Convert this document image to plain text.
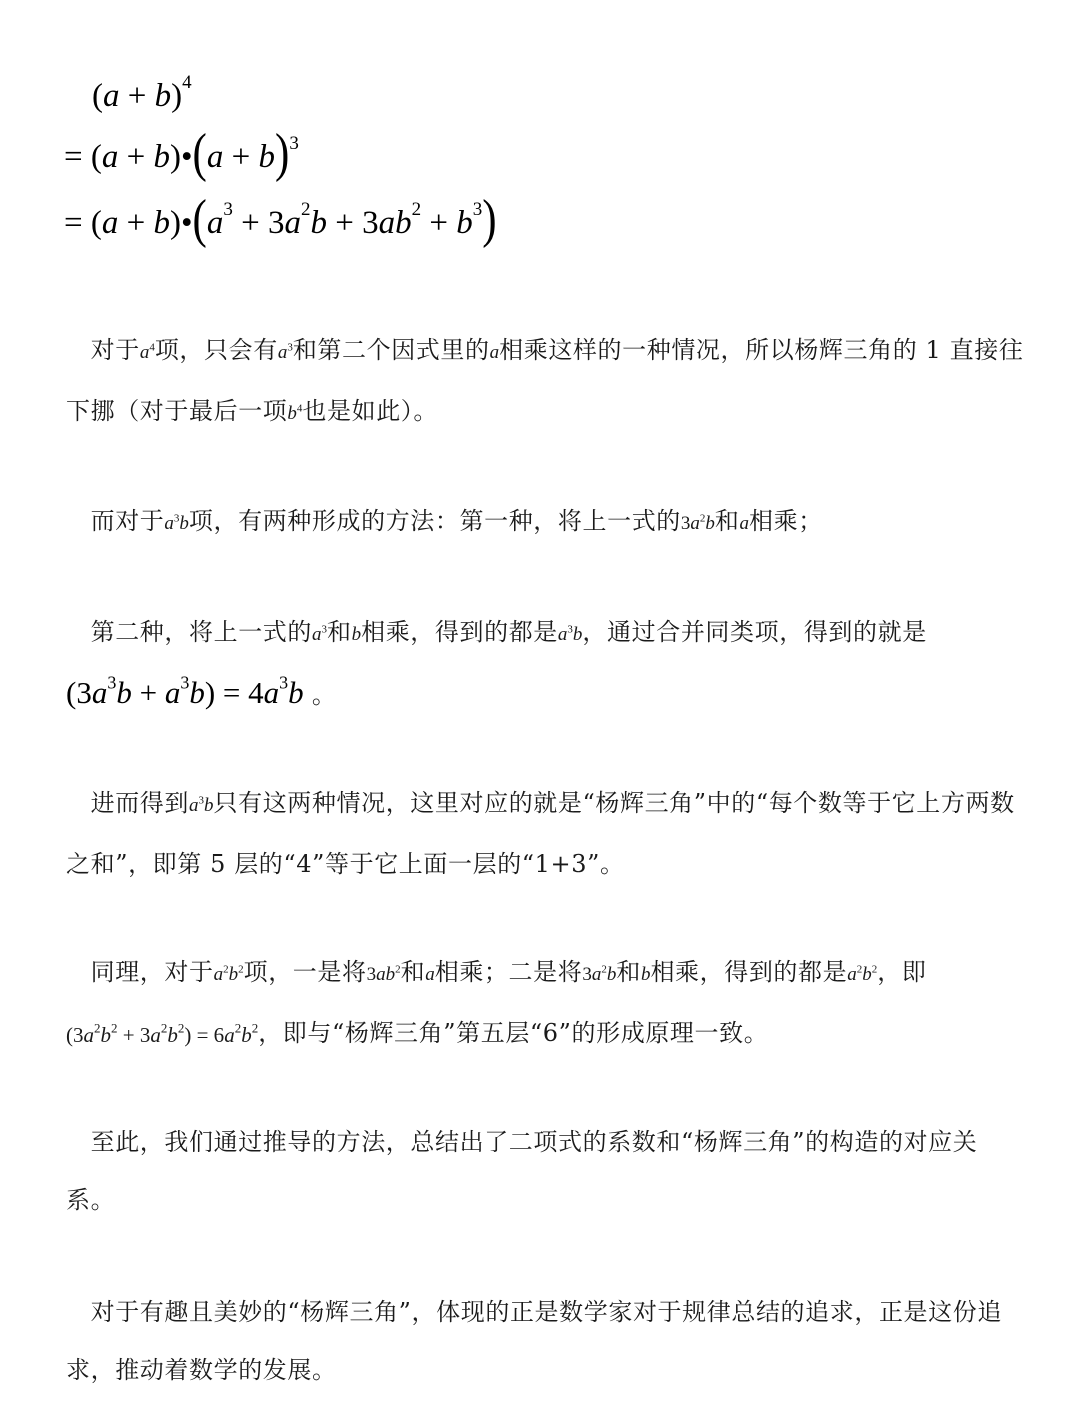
$(a + b)^4$
= (a + b)•(a + b)$^3$
= $(a + b)•(a^3 + 3a^2b + 3ab^2 + b^3)$

　对于$a^4$项，只会有$a^3$和第二个因式里的a相乘这样的一种情况，所以杨辉三角的 1 直接往下挪（对于最后一项$b^4$也是如此）。

　而对于$a^3b$项，有两种形成的方法：第一种，将上一式的$3a^2b$和a相乘；

　第二种，将上一式的$a^3$和b相乘，得到的都是$a^3b$，通过合并同类项，得到的就是
$(3a^3b + a^3b) = 4a^3b$ 。

　进而得到$a^3b$只有这两种情况，这里对应的就是“杨辉三角”中的“每个数等于它上方两数之和”，即第 5 层的“4”等于它上面一层的“1+3”。

　同理，对于$a^2b^2$项，一是将$3ab^2$和a相乘；二是将$3a^2b$和b相乘，得到的都是$a^2b^2$，即$(3a^2b^2 + 3a^2b^2) = 6a^2b^2$，即与“杨辉三角”第五层“6”的形成原理一致。

　至此，我们通过推导的方法，总结出了二项式的系数和“杨辉三角”的构造的对应关系。

　对于有趣且美妙的“杨辉三角”，体现的正是数学家对于规律总结的追求，正是这份追求，推动着数学的发展。
